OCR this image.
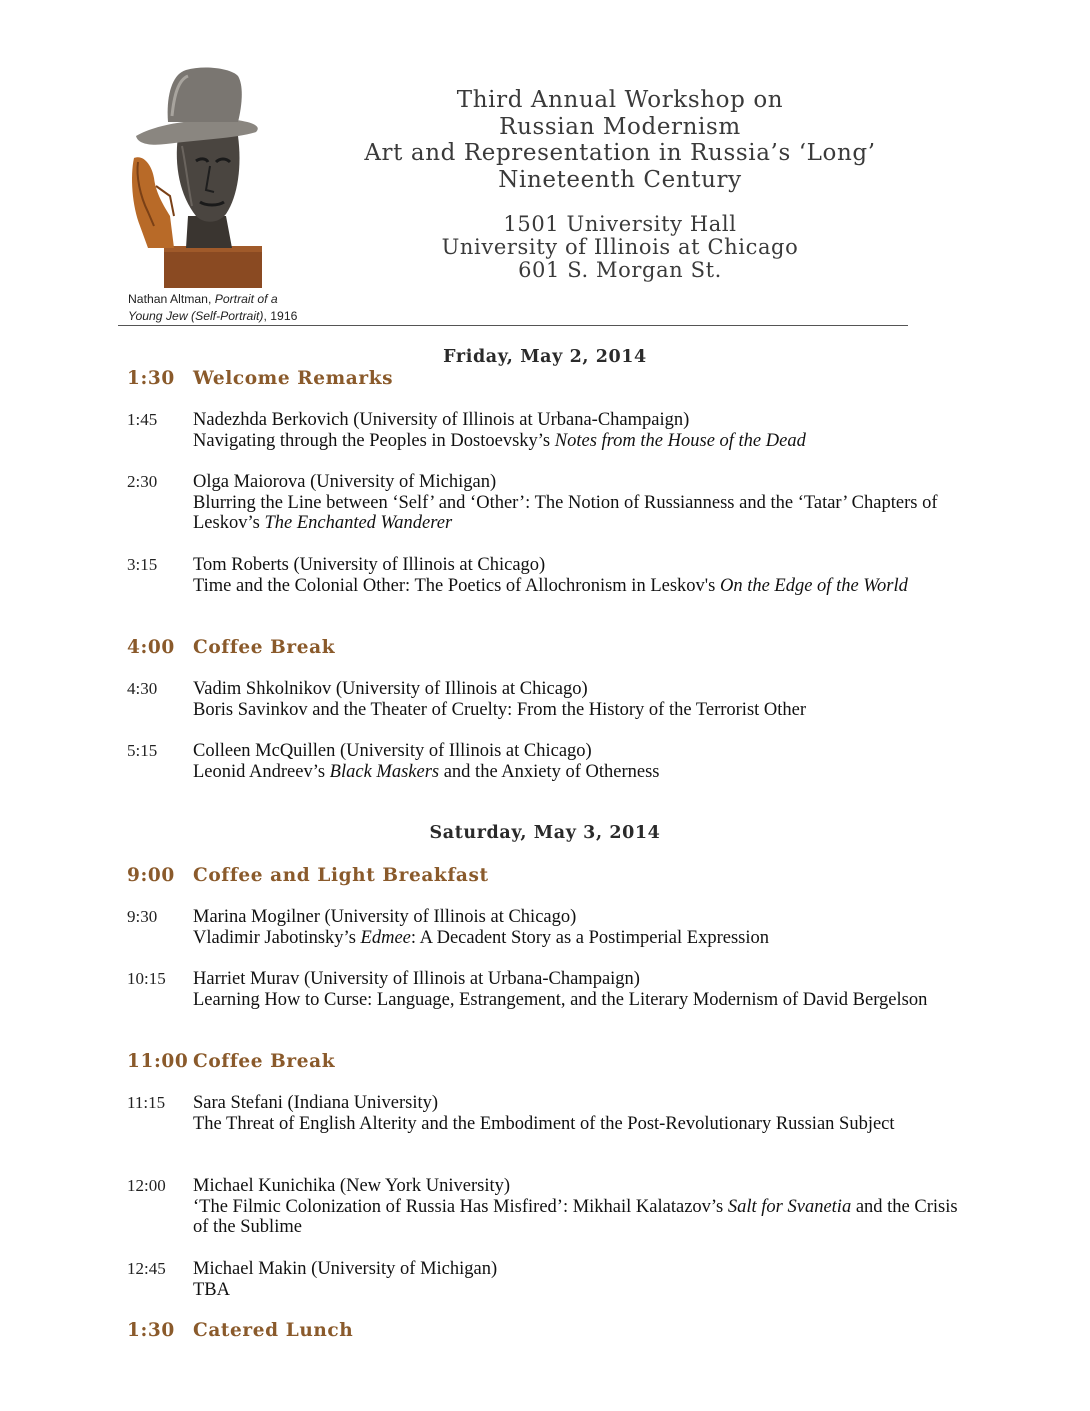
Nathan Altman, Portrait of a
Young Jew (Self-Portrait), 1916
Third Annual Workshop on
Russian Modernism
Art and Representation in Russia’s ‘Long’
Nineteenth Century
1501 University Hall
University of Illinois at Chicago
601 S. Morgan St.
Friday, May 2, 2014
1:30 Welcome Remarks
1:45 Nadezhda Berkovich (University of Illinois at Urbana-Champaign)
Navigating through the Peoples in Dostoevsky’s Notes from the House of the Dead
2:30 Olga Maiorova (University of Michigan)
Blurring the Line between ‘Self’ and ‘Other’: The Notion of Russianness and the ‘Tatar’ Chapters of Leskov’s The Enchanted Wanderer
3:15 Tom Roberts (University of Illinois at Chicago)
Time and the Colonial Other: The Poetics of Allochronism in Leskov's On the Edge of the World
4:00 Coffee Break
4:30 Vadim Shkolnikov (University of Illinois at Chicago)
Boris Savinkov and the Theater of Cruelty: From the History of the Terrorist Other
5:15 Colleen McQuillen (University of Illinois at Chicago)
Leonid Andreev’s Black Maskers and the Anxiety of Otherness
Saturday, May 3, 2014
9:00 Coffee and Light Breakfast
9:30 Marina Mogilner (University of Illinois at Chicago)
Vladimir Jabotinsky’s Edmee: A Decadent Story as a Postimperial Expression
10:15 Harriet Murav (University of Illinois at Urbana-Champaign)
Learning How to Curse: Language, Estrangement, and the Literary Modernism of David Bergelson
11:00 Coffee Break
11:15 Sara Stefani (Indiana University)
The Threat of English Alterity and the Embodiment of the Post-Revolutionary Russian Subject
12:00 Michael Kunichika (New York University)
‘The Filmic Colonization of Russia Has Misfired’: Mikhail Kalatazov’s Salt for Svanetia and the Crisis of the Sublime
12:45 Michael Makin (University of Michigan)
TBA
1:30 Catered Lunch
